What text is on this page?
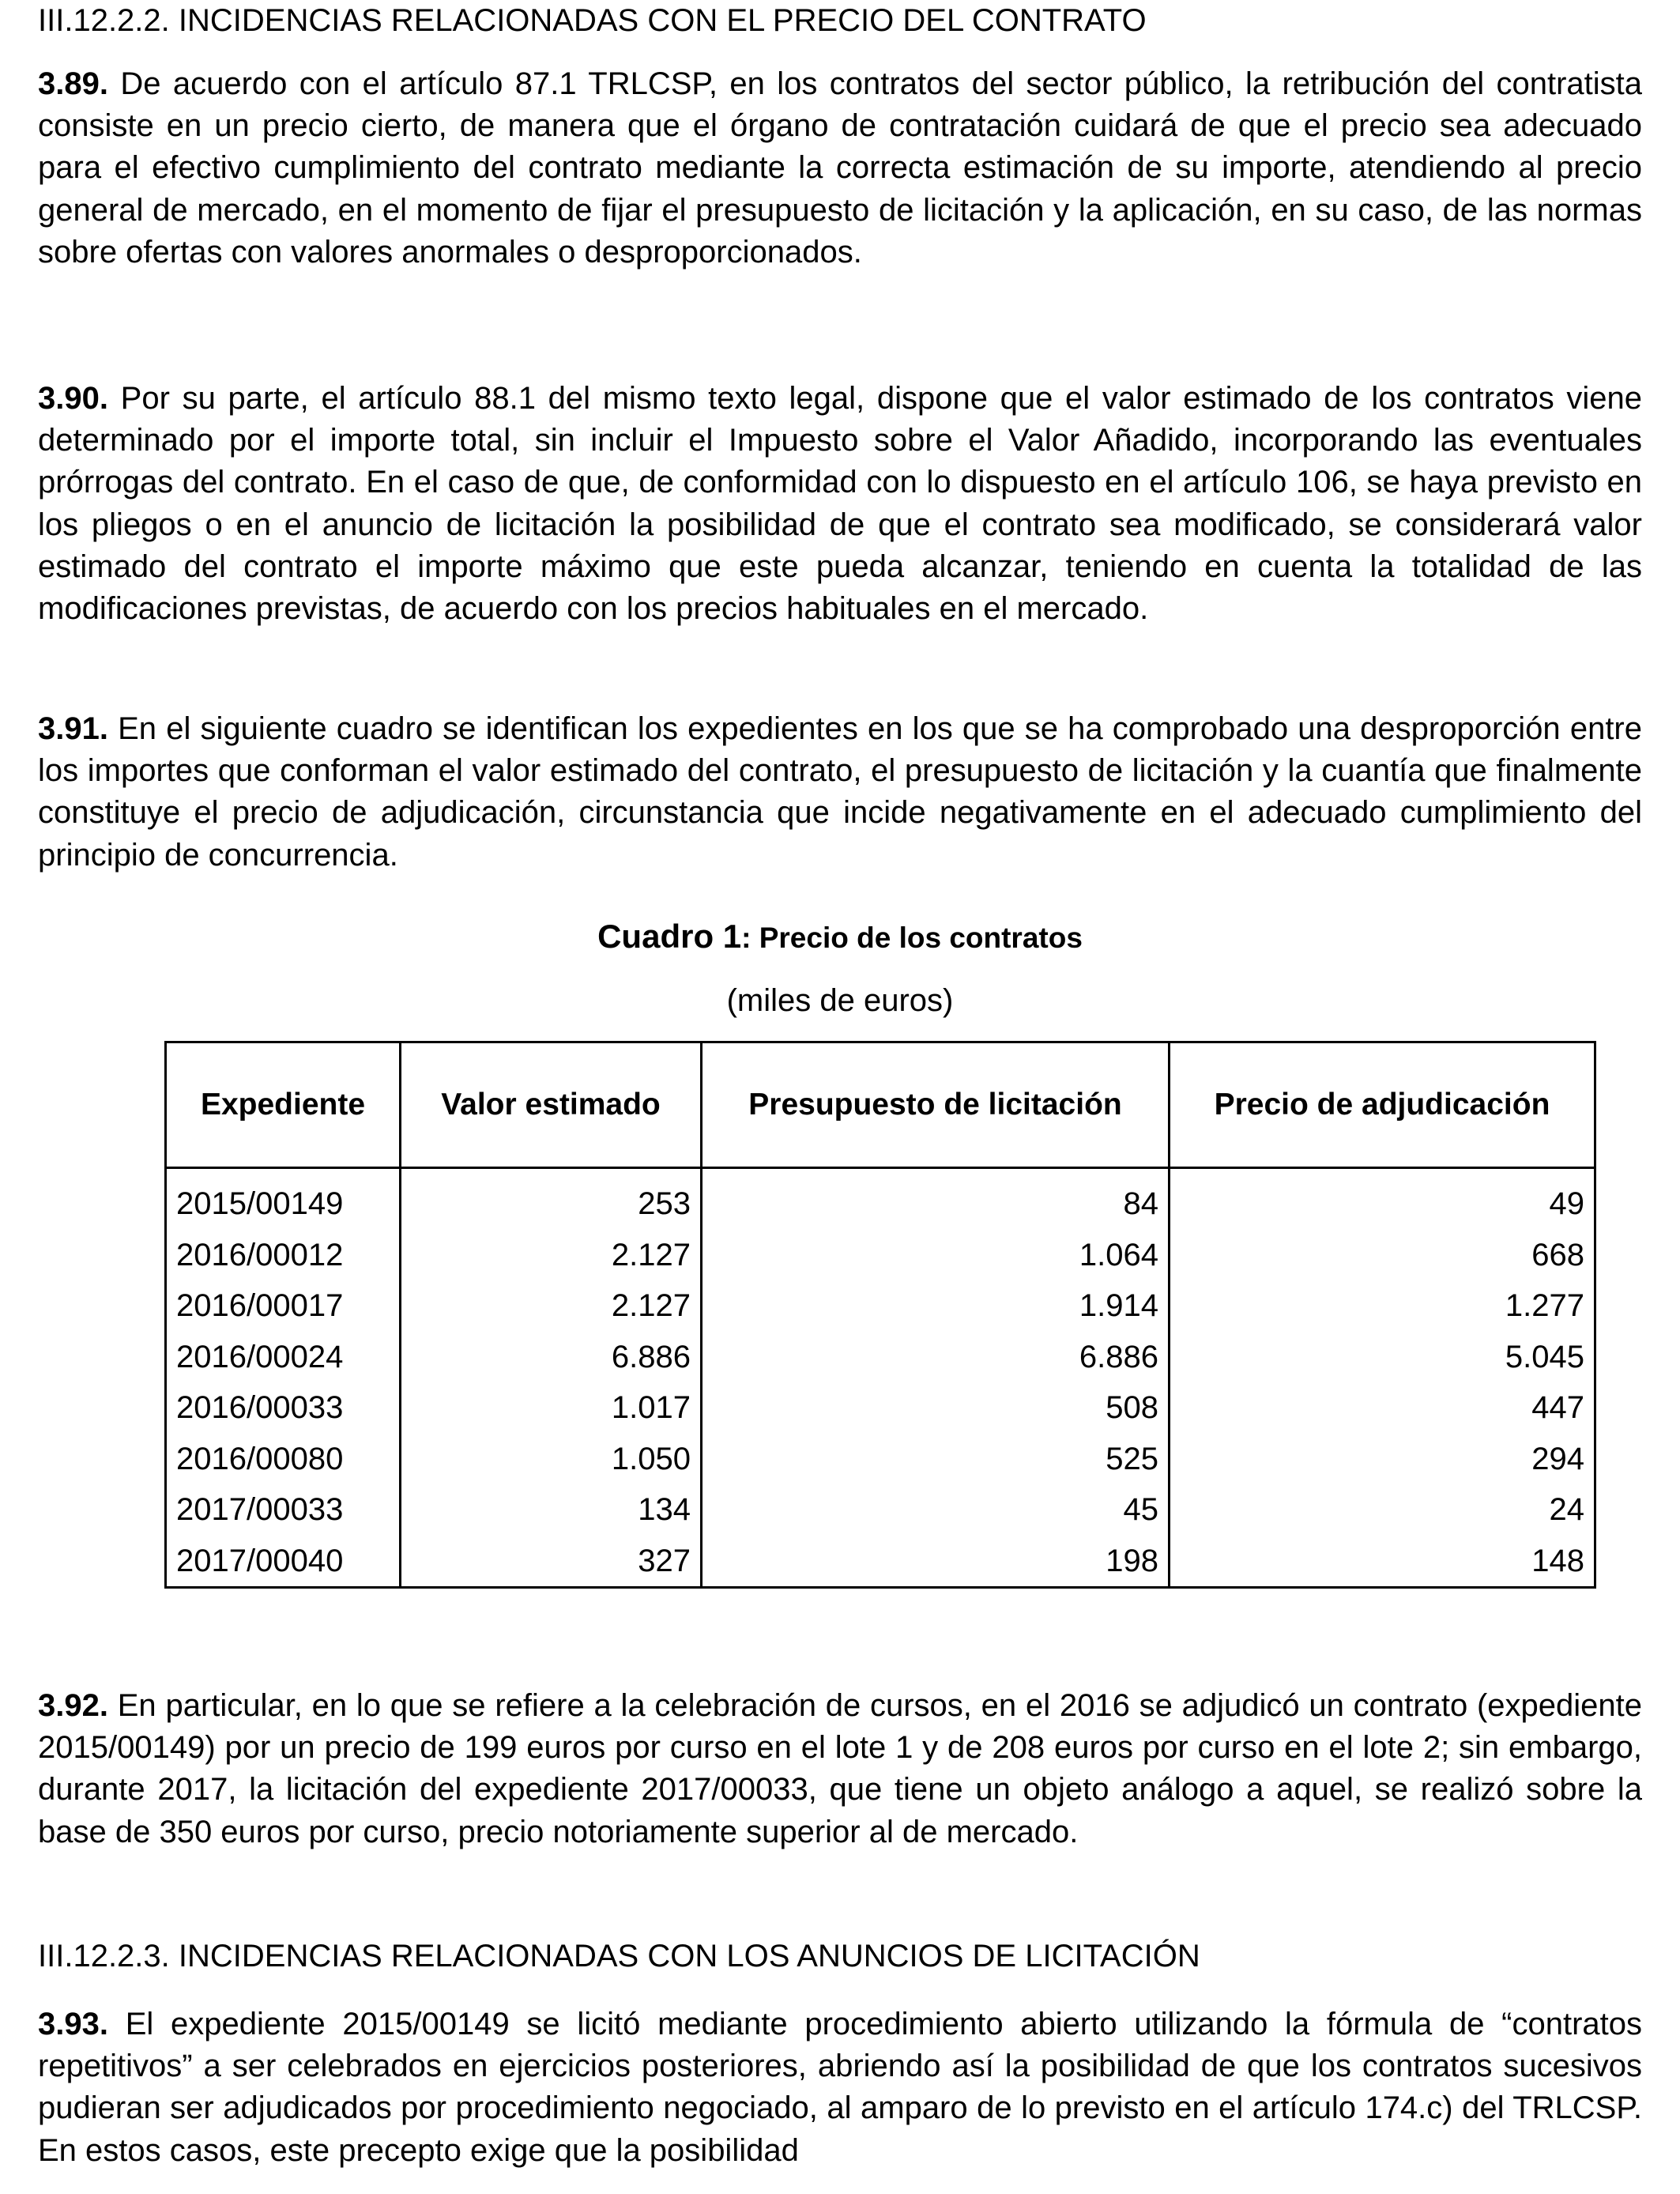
III.12.2.2. INCIDENCIAS RELACIONADAS CON EL PRECIO DEL CONTRATO

3.89. De acuerdo con el artículo 87.1 TRLCSP, en los contratos del sector público, la retribución del contratista consiste en un precio cierto, de manera que el órgano de contratación cuidará de que el precio sea adecuado para el efectivo cumplimiento del contrato mediante la correcta estimación de su importe, atendiendo al precio general de mercado, en el momento de fijar el presupuesto de licitación y la aplicación, en su caso, de las normas sobre ofertas con valores anormales o desproporcionados.

3.90. Por su parte, el artículo 88.1 del mismo texto legal, dispone que el valor estimado de los contratos viene determinado por el importe total, sin incluir el Impuesto sobre el Valor Añadido, incorporando las eventuales prórrogas del contrato. En el caso de que, de conformidad con lo dispuesto en el artículo 106, se haya previsto en los pliegos o en el anuncio de licitación la posibilidad de que el contrato sea modificado, se considerará valor estimado del contrato el importe máximo que este pueda alcanzar, teniendo en cuenta la totalidad de las modificaciones previstas, de acuerdo con los precios habituales en el mercado.

3.91. En el siguiente cuadro se identifican los expedientes en los que se ha comprobado una desproporción entre los importes que conforman el valor estimado del contrato, el presupuesto de licitación y la cuantía que finalmente constituye el precio de adjudicación, circunstancia que incide negativamente en el adecuado cumplimiento del principio de concurrencia.

Cuadro 1: Precio de los contratos
(miles de euros)
Expediente	Valor estimado	Presupuesto de licitación	Precio de adjudicación
2015/00149	253	84	49
2016/00012	2.127	1.064	668
2016/00017	2.127	1.914	1.277
2016/00024	6.886	6.886	5.045
2016/00033	1.017	508	447
2016/00080	1.050	525	294
2017/00033	134	45	24
2017/00040	327	198	148

3.92. En particular, en lo que se refiere a la celebración de cursos, en el 2016 se adjudicó un contrato (expediente 2015/00149) por un precio de 199 euros por curso en el lote 1 y de 208 euros por curso en el lote 2; sin embargo, durante 2017, la licitación del expediente 2017/00033, que tiene un objeto análogo a aquel, se realizó sobre la base de 350 euros por curso, precio notoriamente superior al de mercado.

III.12.2.3. INCIDENCIAS RELACIONADAS CON LOS ANUNCIOS DE LICITACIÓN

3.93. El expediente 2015/00149 se licitó mediante procedimiento abierto utilizando la fórmula de “contratos repetitivos” a ser celebrados en ejercicios posteriores, abriendo así la posibilidad de que los contratos sucesivos pudieran ser adjudicados por procedimiento negociado, al amparo de lo previsto en el artículo 174.c) del TRLCSP. En estos casos, este precepto exige que la posibilidad
